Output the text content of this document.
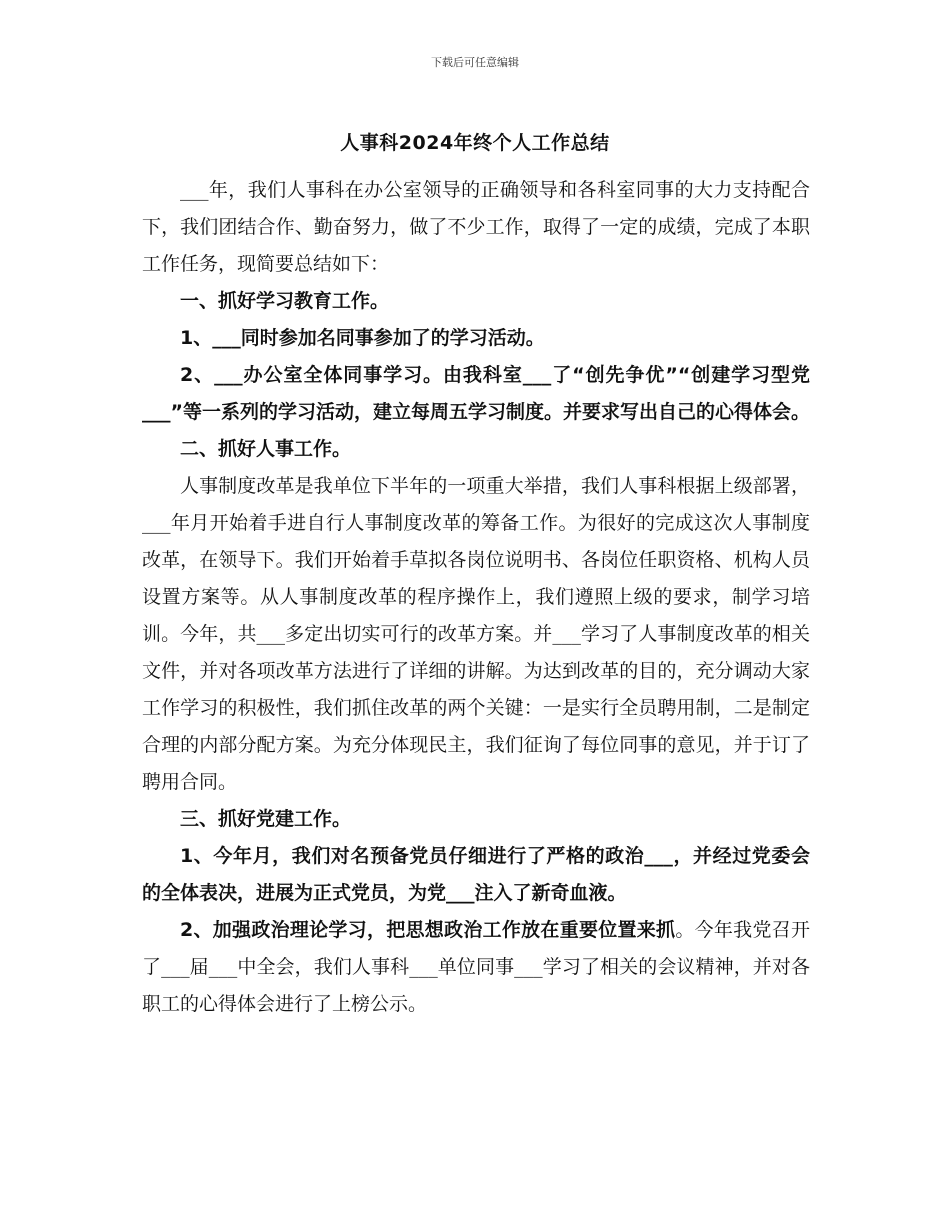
下载后可任意编辑
人事科2024年终个人工作总结

___年，我们人事科在办公室领导的正确领导和各科室同事的大力支持配合下，我们团结合作、勤奋努力，做了不少工作，取得了一定的成绩，完成了本职工作任务，现简要总结如下：

一、抓好学习教育工作。

1、___同时参加名同事参加了的学习活动。

2、___办公室全体同事学习。由我科室___了“创先争优”“创建学习型党___”等一系列的学习活动，建立每周五学习制度。并要求写出自己的心得体会。

二、抓好人事工作。

人事制度改革是我单位下半年的一项重大举措，我们人事科根据上级部署，___年月开始着手进自行人事制度改革的筹备工作。为很好的完成这次人事制度改革，在领导下。我们开始着手草拟各岗位说明书、各岗位任职资格、机构人员设置方案等。从人事制度改革的程序操作上，我们遵照上级的要求，制学习培训。今年，共___多定出切实可行的改革方案。并___学习了人事制度改革的相关文件，并对各项改革方法进行了详细的讲解。为达到改革的目的，充分调动大家工作学习的积极性，我们抓住改革的两个关键：一是实行全员聘用制，二是制定合理的内部分配方案。为充分体现民主，我们征询了每位同事的意见，并于订了聘用合同。

三、抓好党建工作。

1、今年月，我们对名预备党员仔细进行了严格的政治___，并经过党委会的全体表决，进展为正式党员，为党___注入了新奇血液。

2、加强政治理论学习，把思想政治工作放在重要位置来抓。今年我党召开了___届___中全会，我们人事科___单位同事___学习了相关的会议精神，并对各职工的心得体会进行了上榜公示。
